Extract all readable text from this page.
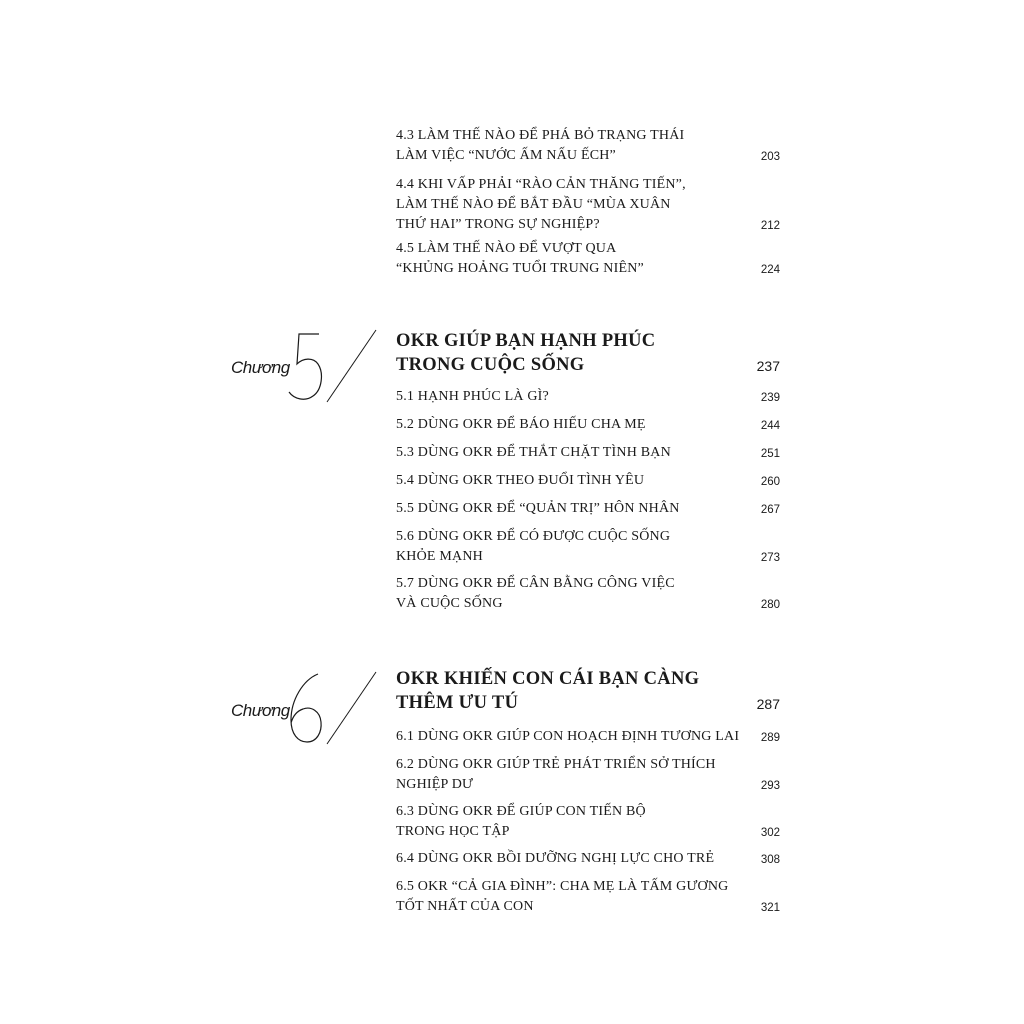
4.3 LÀM THẾ NÀO ĐỂ PHÁ BỎ TRẠNG THÁI
LÀM VIỆC “NƯỚC ẤM NẤU ẾCH”	203
4.4 KHI VẤP PHẢI “RÀO CẢN THĂNG TIẾN”,
LÀM THẾ NÀO ĐỂ BẮT ĐẦU “MÙA XUÂN
THỨ HAI” TRONG SỰ NGHIỆP?	212
4.5 LÀM THẾ NÀO ĐỂ VƯỢT QUA
“KHỦNG HOẢNG TUỔI TRUNG NIÊN”	224
Chương
OKR GIÚP BẠN HẠNH PHÚC
TRONG CUỘC SỐNG	237
5.1 HẠNH PHÚC LÀ GÌ?	239
5.2 DÙNG OKR ĐỂ BÁO HIẾU CHA MẸ	244
5.3 DÙNG OKR ĐỂ THẮT CHẶT TÌNH BẠN	251
5.4 DÙNG OKR THEO ĐUỔI TÌNH YÊU	260
5.5 DÙNG OKR ĐỂ “QUẢN TRỊ” HÔN NHÂN	267
5.6 DÙNG OKR ĐỂ CÓ ĐƯỢC CUỘC SỐNG
KHỎE MẠNH	273
5.7 DÙNG OKR ĐỂ CÂN BẰNG CÔNG VIỆC
VÀ CUỘC SỐNG	280
Chương
OKR KHIẾN CON CÁI BẠN CÀNG
THÊM ƯU TÚ	287
6.1 DÙNG OKR GIÚP CON HOẠCH ĐỊNH TƯƠNG LAI	289
6.2 DÙNG OKR GIÚP TRẺ PHÁT TRIỂN SỞ THÍCH
NGHIỆP DƯ	293
6.3 DÙNG OKR ĐỂ GIÚP CON TIẾN BỘ
TRONG HỌC TẬP	302
6.4 DÙNG OKR BỒI DƯỠNG NGHỊ LỰC CHO TRẺ	308
6.5 OKR “CẢ GIA ĐÌNH”: CHA MẸ LÀ TẤM GƯƠNG
TỐT NHẤT CỦA CON	321
